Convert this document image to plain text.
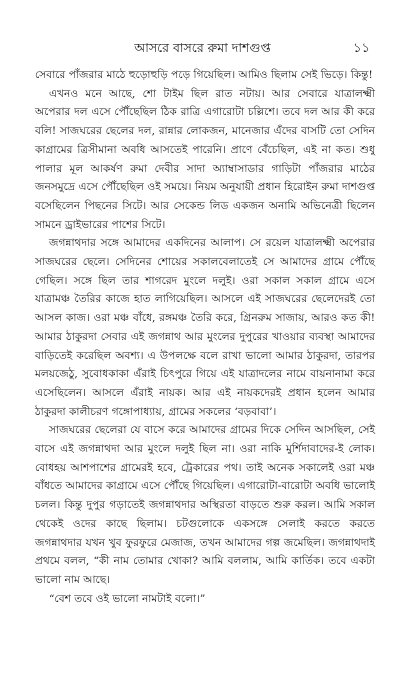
আসরে বাসরে রুমা দাশগুপ্ত	১১

সেবারে পাঁজরার মাঠে হুড়োহুড়ি পড়ে গিয়েছিল। আমিও ছিলাম সেই ভিড়ে। কিন্তু!

এখনও মনে আছে, শো টাইম ছিল রাত নটায়। আর সেবারে যাত্রালক্ষ্মী অপেরার দল এসে পৌঁছেছিল ঠিক রাত্রি এগারোটা চল্লিশে। তবে দল আর কী করে বলি! সাজঘরের ছেলের দল, রান্নার লোকজন, মানেজার এঁদের বাসটি তো সেদিন কাগ্রামের ত্রিসীমানা অবধি আসতেই পারেনি। প্রাণে বেঁচেছিল, এই না কত। শুধু পালার মূল আকর্ষণ রুমা দেবীর সাদা অ্যাম্বাসাডার গাড়িটা পাঁজরার মাঠের জনসমুদ্রে এসে পৌঁছেছিল ওই সময়ে। নিয়ম অনুযায়ী প্রধান হিরোইন রুমা দাশগুপ্ত বসেছিলেন পিছনের সিটে। আর সেকেন্ড লিড একজন অনামি অভিনেত্রী ছিলেন সামনে ড্রাইভারের পাশের সিটে।

জগন্নাথদার সঙ্গে আমাদের একদিনের আলাপ। সে রয়েল যাত্রালক্ষ্মী অপেরার সাজঘরের ছেলে। সেদিনের শোয়ের সকালবেলাতেই সে আমাদের গ্রামে পৌঁছে গেছিল। সঙ্গে ছিল তার শাগরেদ মুংলে দলুই। ওরা সকাল সকাল গ্রামে এসে যাত্রামঞ্চ তৈরির কাজে হাত লাগিয়েছিল। আসলে এই সাজঘরের ছেলেদেরই তো আসল কাজ। ওরা মঞ্চ বাঁধে, রঙ্গমঞ্চ তৈরি করে, গ্রিনরুম সাজায়, আরও কত কী! আমার ঠাকুরদা সেবার এই জগন্নাথ আর মুংলের দুপুরের খাওয়ার ব্যবস্থা আমাদের বাড়িতেই করেছিল অবশ্য। এ উপলক্ষে বলে রাখা ভালো আমার ঠাকুরদা, তারপর মলয়জেঠু, সুবোধকাকা এঁরাই চিৎপুরে গিয়ে এই যাত্রাদলের নামে বায়নানামা করে এসেছিলেন। আসলে এঁরাই নায়ক। আর এই নায়কদেরই প্রধান হলেন আমার ঠাকুরদা কালীচরণ গঙ্গোপাধ্যায়, গ্রামের সকলের ‘বড়বাবা’।

সাজঘরের ছেলেরা যে বাসে করে আমাদের গ্রামের দিকে সেদিন আসছিল, সেই বাসে এই জগন্নাথদা আর মুংলে দলুই ছিল না। ওরা নাকি মুর্শিদাবাদের-ই লোক। বোধহয় আশপাশের গ্রামেরই হবে, ট্রেকারের পথ। তাই অনেক সকালেই ওরা মঞ্চ বাঁধতে আমাদের কাগ্রামে এসে পৌঁছে গিয়েছিল। এগারোটা-বারোটা অবধি ভালোই চলল। কিন্তু দুপুর গড়াতেই জগন্নাথদার অস্থিরতা বাড়তে শুরু করল। আমি সকাল থেকেই ওদের কাছে ছিলাম। চটগুলোকে একসঙ্গে সেলাই করতে করতে জগন্নাথদার যখন খুব ফুরফুরে মেজাজ, তখন আমাদের গল্প জমেছিল। জগন্নাথদাই প্রথমে বলল, “কী নাম তোমার খোকা? আমি বললাম, আমি কার্তিক। তবে একটা ভালো নাম আছে।

“বেশ তবে ওই ভালো নামটাই বলো।”
